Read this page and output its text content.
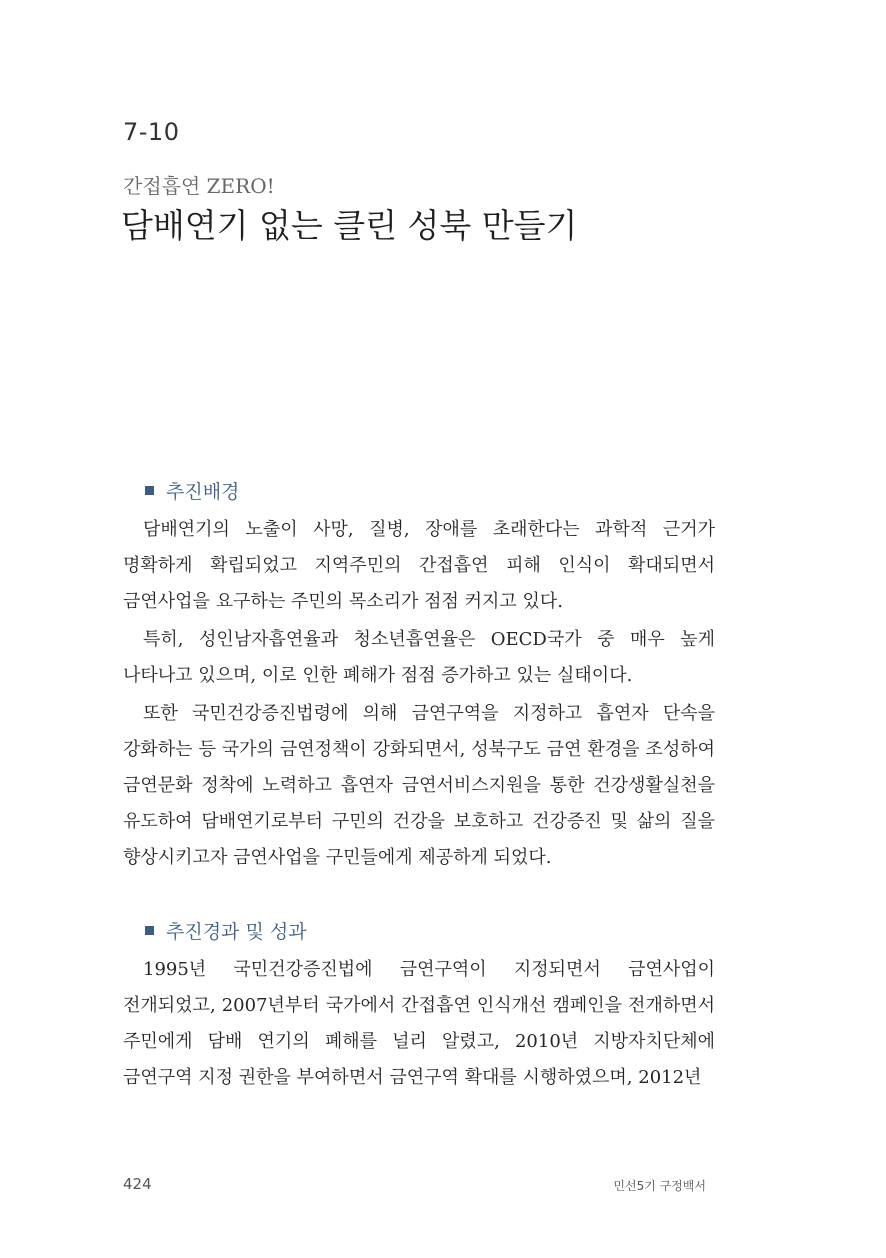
7-10
간접흡연 ZERO!
담배연기 없는 클린 성북 만들기
추진배경

담배연기의 노출이 사망, 질병, 장애를 초래한다는 과학적 근거가 명확하게 확립되었고 지역주민의 간접흡연 피해 인식이 확대되면서 금연사업을 요구하는 주민의 목소리가 점점 커지고 있다.

특히, 성인남자흡연율과 청소년흡연율은 OECD국가 중 매우 높게 나타나고 있으며, 이로 인한 폐해가 점점 증가하고 있는 실태이다.

또한 국민건강증진법령에 의해 금연구역을 지정하고 흡연자 단속을 강화하는 등 국가의 금연정책이 강화되면서, 성북구도 금연 환경을 조성하여 금연문화 정착에 노력하고 흡연자 금연서비스지원을 통한 건강생활실천을 유도하여 담배연기로부터 구민의 건강을 보호하고 건강증진 및 삶의 질을 향상시키고자 금연사업을 구민들에게 제공하게 되었다.

추진경과 및 성과

1995년 국민건강증진법에 금연구역이 지정되면서 금연사업이 전개되었고, 2007년부터 국가에서 간접흡연 인식개선 캠페인을 전개하면서 주민에게 담배 연기의 폐해를 널리 알렸고, 2010년 지방자치단체에 금연구역 지정 권한을 부여하면서 금연구역 확대를 시행하였으며, 2012년

424	민선5기 구정백서
